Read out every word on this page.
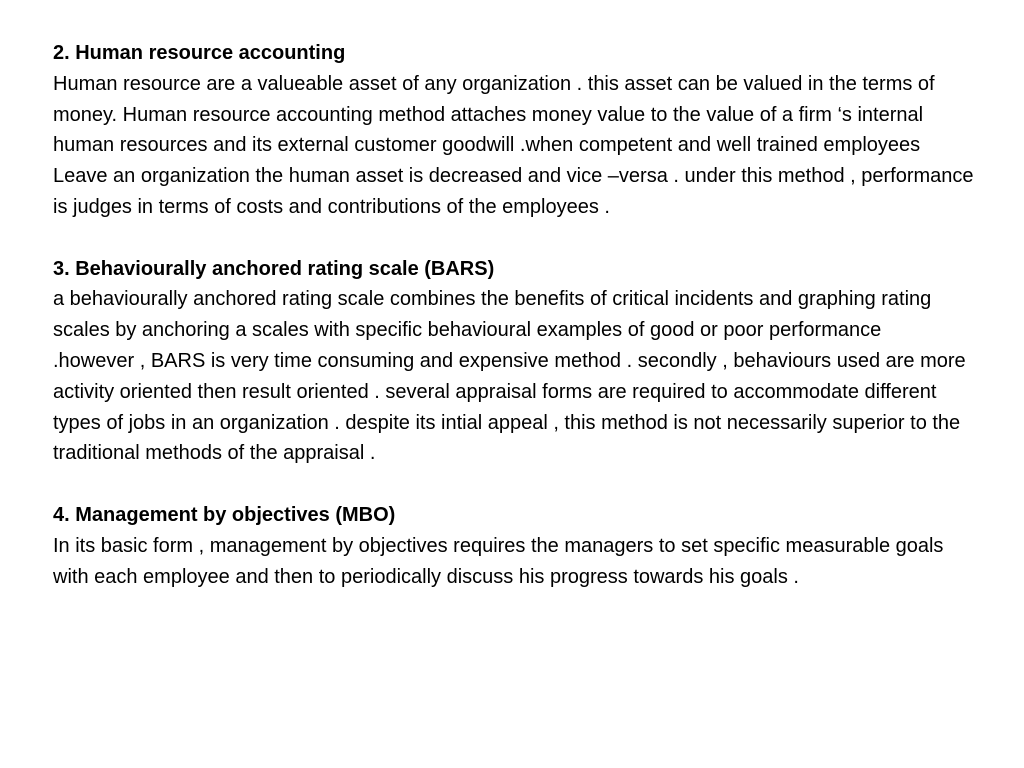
2. Human resource accounting

Human resource are a valueable asset of any organization . this asset can be valued in the terms of money. Human resource accounting method attaches money value to the value of a firm ‘s internal human resources and its external customer goodwill .when competent and well trained employees

Leave an organization the human asset is decreased and vice –versa . under this method , performance is judges in terms of costs and contributions of the employees .

3. Behaviourally anchored rating scale (BARS)

a behaviourally anchored rating scale combines the benefits of critical incidents and graphing rating scales by anchoring a scales with specific behavioural examples of good or poor performance

.however , BARS is very time consuming and expensive method . secondly , behaviours used are more activity oriented then result oriented . several appraisal forms are required to accommodate different types of jobs in an organization . despite its intial appeal , this method is not necessarily superior to the traditional methods of the appraisal .

4. Management by objectives (MBO)

In its basic form , management by objectives requires the managers to set specific measurable goals with each employee and then to periodically discuss his progress towards his goals .
